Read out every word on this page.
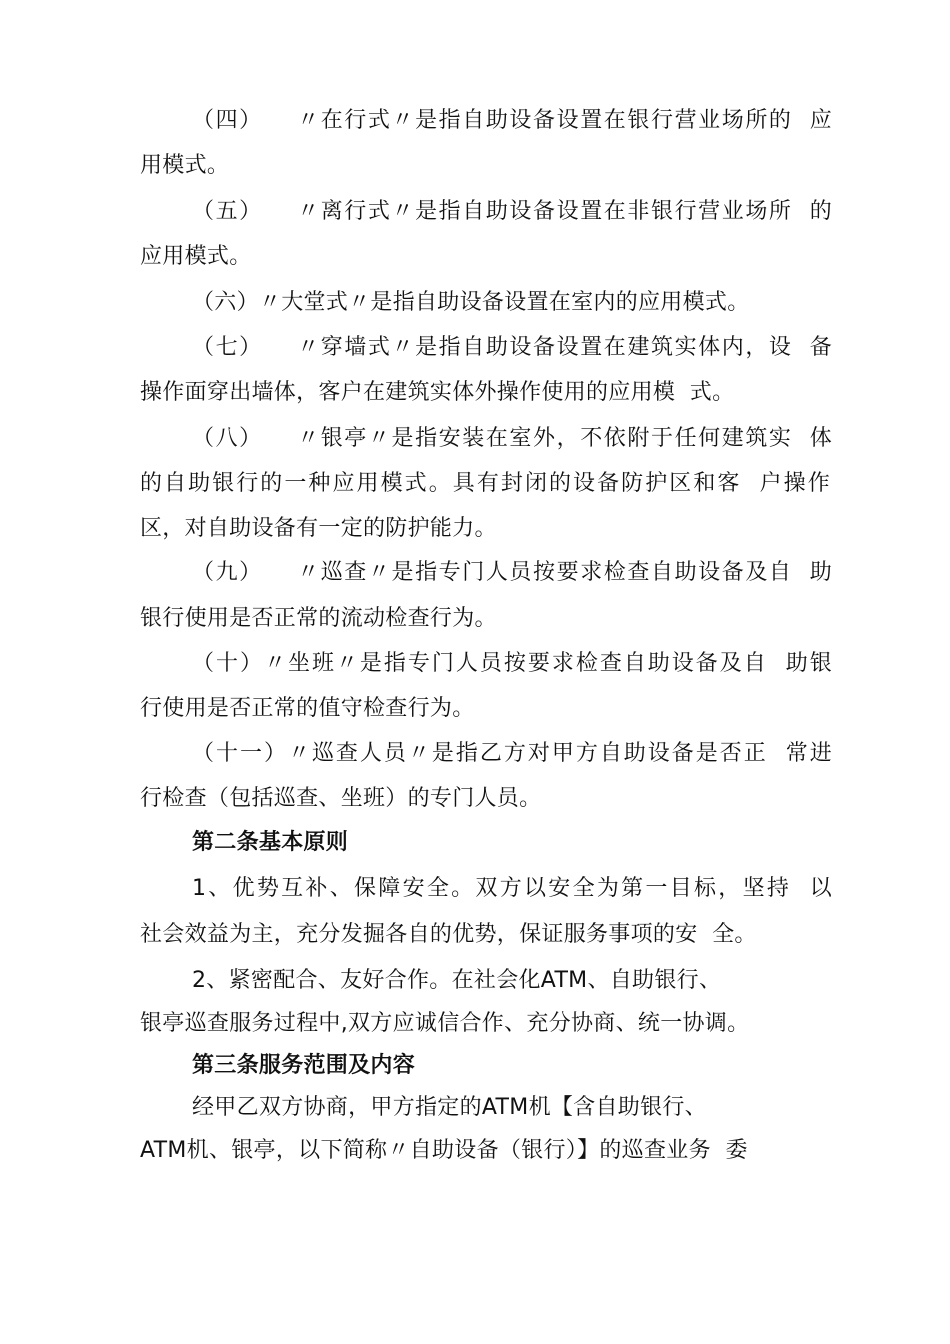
（四）    〃在行式〃是指自助设备设置在银行营业场所的  应
用模式。
（五）    〃离行式〃是指自助设备设置在非银行营业场所  的
应用模式。
（六）〃大堂式〃是指自助设备设置在室内的应用模式。
（七）    〃穿墙式〃是指自助设备设置在建筑实体内，设  备
操作面穿出墙体，客户在建筑实体外操作使用的应用模  式。
（八）    〃银亭〃是指安装在室外，不依附于任何建筑实  体
的自助银行的一种应用模式。具有封闭的设备防护区和客  户操作
区，对自助设备有一定的防护能力。
（九）    〃巡查〃是指专门人员按要求检查自助设备及自  助
银行使用是否正常的流动检查行为。
（十）〃坐班〃是指专门人员按要求检查自助设备及自  助银
行使用是否正常的值守检查行为。
（十一）〃巡查人员〃是指乙方对甲方自助设备是否正  常进
行检查（包括巡查、坐班）的专门人员。
第二条基本原则
1、优势互补、保障安全。双方以安全为第一目标，坚持  以
社会效益为主，充分发掘各自的优势，保证服务事项的安  全。
2、紧密配合、友好合作。在社会化ATM、自助银行、
银亭巡查服务过程中,双方应诚信合作、充分协商、统一协调。
第三条服务范围及内容
经甲乙双方协商，甲方指定的ATM机【含自助银行、
ATM机、银亭，以下简称〃自助设备（银行）】的巡查业务  委
